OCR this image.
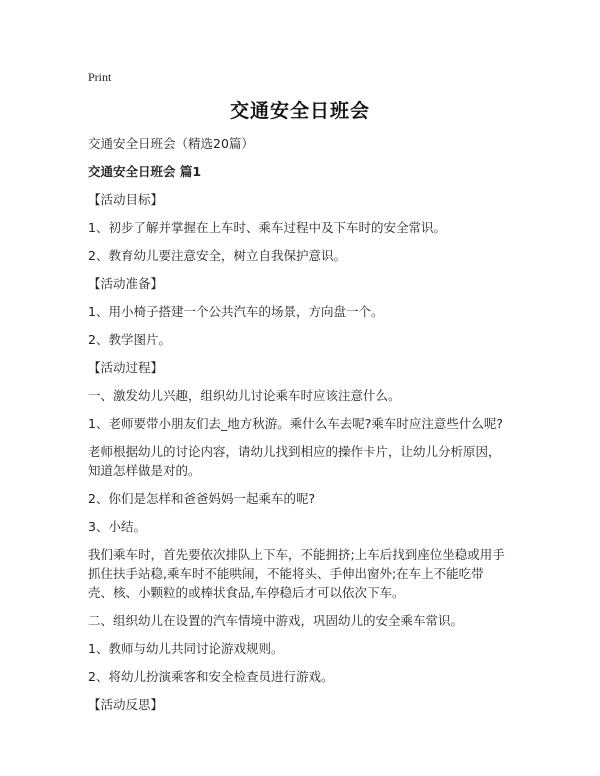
Print
交通安全日班会

交通安全日班会（精选20篇）

交通安全日班会 篇1

【活动目标】

1、初步了解并掌握在上车时、乘车过程中及下车时的安全常识。

2、教育幼儿要注意安全，树立自我保护意识。

【活动准备】

1、用小椅子搭建一个公共汽车的场景，方向盘一个。

2、教学图片。

【活动过程】

一、激发幼儿兴趣，组织幼儿讨论乘车时应该注意什么。

1、老师要带小朋友们去_地方秋游。乘什么车去呢?乘车时应注意些什么呢?

老师根据幼儿的讨论内容，请幼儿找到相应的操作卡片，让幼儿分析原因，知道怎样做是对的。

2、你们是怎样和爸爸妈妈一起乘车的呢?

3、小结。

我们乘车时，首先要依次排队上下车，不能拥挤;上车后找到座位坐稳或用手抓住扶手站稳,乘车时不能哄闹，不能将头、手伸出窗外;在车上不能吃带壳、核、小颗粒的或棒状食品,车停稳后才可以依次下车。

二、组织幼儿在设置的汽车情境中游戏，巩固幼儿的安全乘车常识。

1、教师与幼儿共同讨论游戏规则。

2、将幼儿扮演乘客和安全检查员进行游戏。

【活动反思】
